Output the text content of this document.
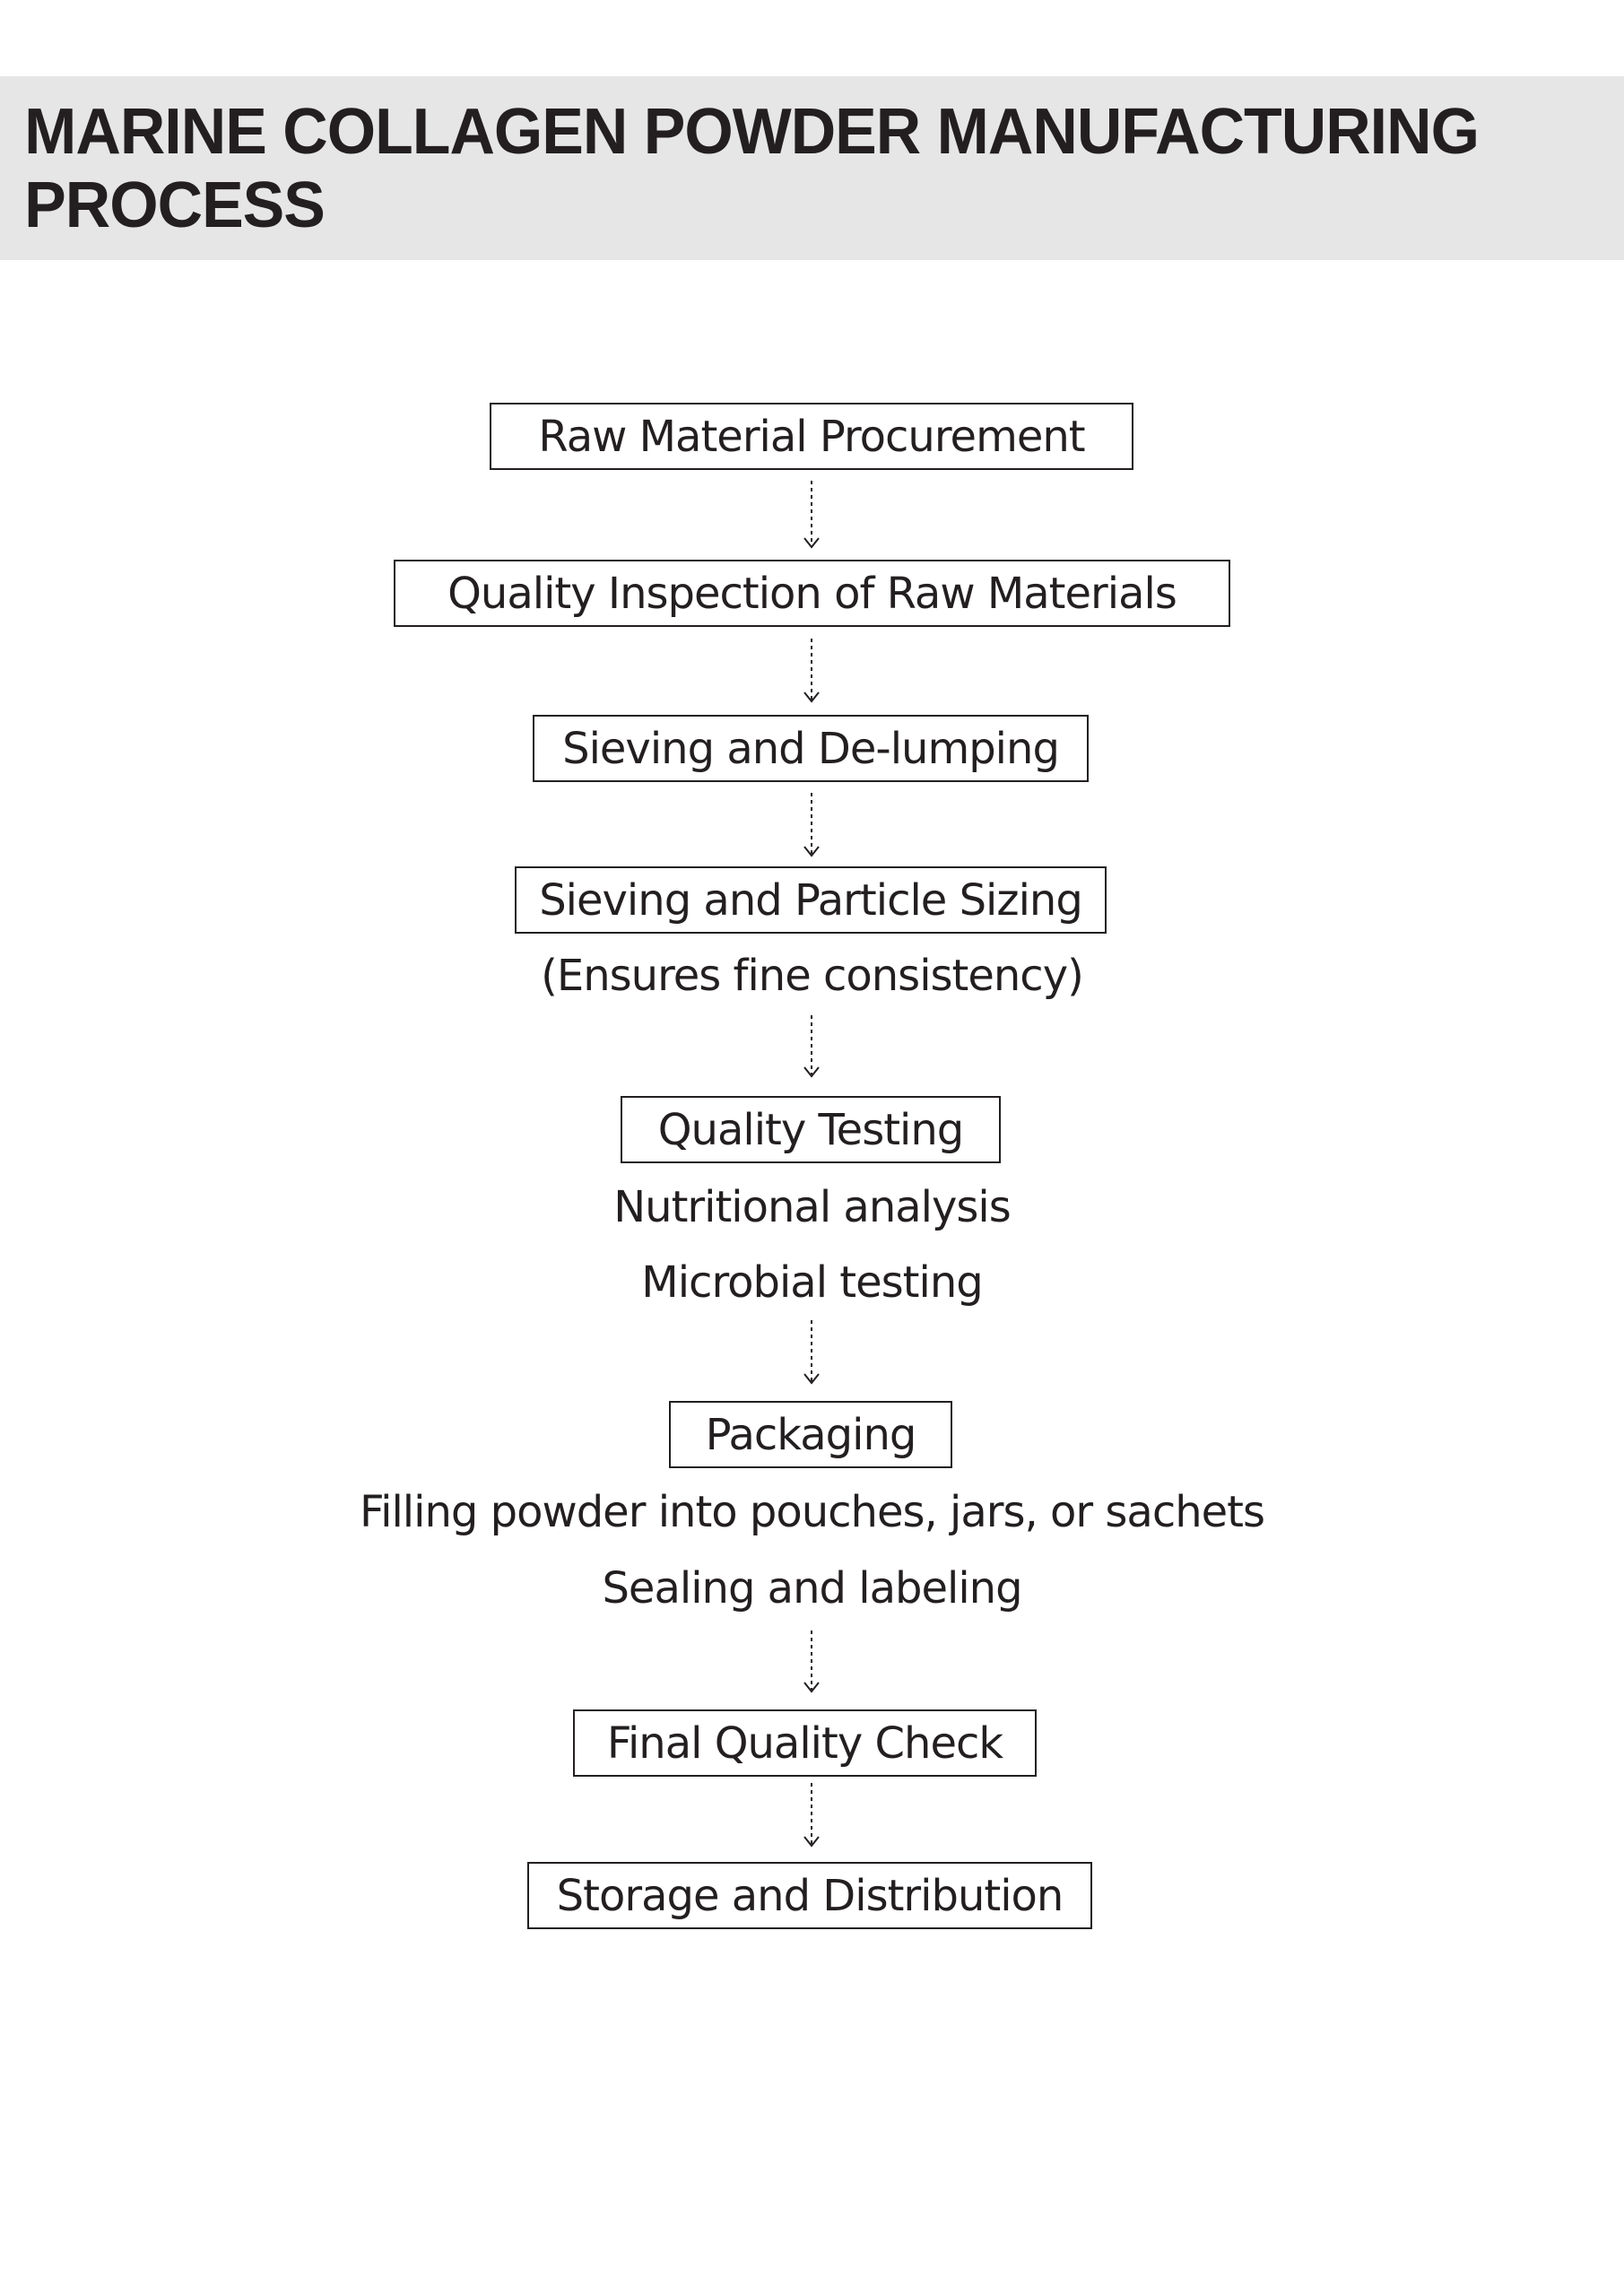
MARINE COLLAGEN POWDER MANUFACTURING PROCESS
Raw Material Procurement
Quality Inspection of Raw Materials
Sieving and De-lumping
Sieving and Particle Sizing
(Ensures fine consistency)
Quality Testing
Nutritional analysis
Microbial testing
Packaging
Filling powder into pouches, jars, or sachets
Sealing and labeling
Final Quality Check
Storage and Distribution
